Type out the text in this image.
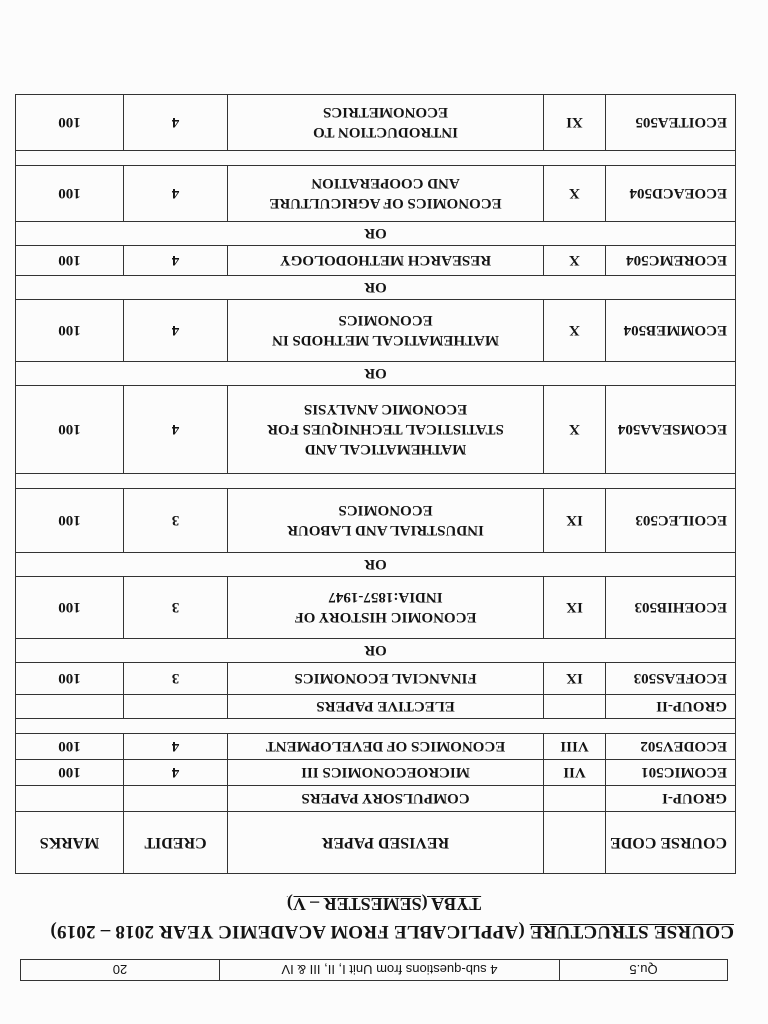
Qu.5
4 sub-questions from Unit I, II, III & IV
20
COURSE STRUCTURE (APPLICABLE FROM ACADEMIC YEAR 2018 – 2019)
TYBA (SEMESTER – V)
COURSE CODE		REVISED PAPER	CREDIT	MARKS
GROUP-I		COMPULSORY PAPERS		
ECOMIC501	VII	MICROECONOMICS III	4	100
ECODEV502	VIII	ECONOMICS OF DEVELOPMENT	4	100

GROUP-II		ELECTIVE PAPERS		
ECOFEAS503	IX	FINANCIAL ECONOMICS	3	100
OR				
ECOEHIB503	IX	ECONOMIC HISTORY OF
INDIA:1857-1947	3	100
OR				
ECOILEC503	IX	INDUSTRIAL AND LABOUR
ECONOMICS	3	100

ECOMSEAA504	X	MATHEMATICAL AND
STATISTICAL TECHNIQUES FOR
ECONOMIC ANALYSIS	4	100
OR				
ECOMMEB504	X	MATHEMATICAL METHODS IN
ECONOMICS	4	100
OR				
ECOREMC504	X	RESEARCH METHODOLOGY	4	100
OR				
ECOEACD504	X	ECONOMICS OF AGRICULTURE
AND COOPERATION	4	100

ECOITEA505	XI	INTRODUCTION TO
ECONOMETRICS	4	100
